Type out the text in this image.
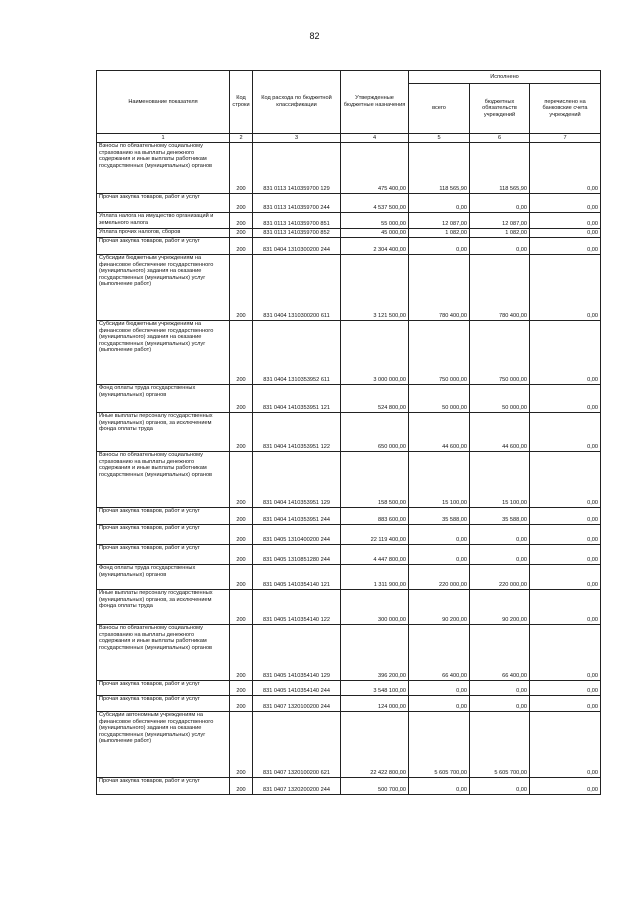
82
Наименование показателя	Код строки	Код расхода по бюджетной классификации	Утвержденные бюджетные назначения	Исполнено		
				всего	бюджетных обязательств учреждений	перечислено на банковские счета учреждений
1	2	3	4	5	6	7
Взносы по обязательному социальному страхованию на выплаты денежного содержания и иные выплаты работникам государственных (муниципальных) органов	200	831 0113 1410359700 129	475 400,00	118 565,90	118 565,90	0,00
Прочая закупка товаров, работ и услуг	200	831 0113 1410359700 244	4 537 500,00	0,00	0,00	0,00
Уплата налога на имущество организаций и земельного налога	200	831 0113 1410359700 851	55 000,00	12 087,00	12 087,00	0,00
Уплата прочих налогов, сборов	200	831 0113 1410359700 852	45 000,00	1 082,00	1 082,00	0,00
Прочая закупка товаров, работ и услуг	200	831 0404 1310300200 244	2 304 400,00	0,00	0,00	0,00
Субсидии бюджетным учреждениям на финансовое обеспечение государственного (муниципального) задания на оказание государственных (муниципальных) услуг (выполнение работ)	200	831 0404 1310300200 611	3 121 500,00	780 400,00	780 400,00	0,00
Субсидии бюджетным учреждениям на финансовое обеспечение государственного (муниципального) задания на оказание государственных (муниципальных) услуг (выполнение работ)	200	831 0404 1310353952 611	3 000 000,00	750 000,00	750 000,00	0,00
Фонд оплаты труда государственных (муниципальных) органов	200	831 0404 1410353951 121	524 800,00	50 000,00	50 000,00	0,00
Иные выплаты персоналу государственных (муниципальных) органов, за исключением фонда оплаты труда	200	831 0404 1410353951 122	650 000,00	44 600,00	44 600,00	0,00
Взносы по обязательному социальному страхованию на выплаты денежного содержания и иные выплаты работникам государственных (муниципальных) органов	200	831 0404 1410353951 129	158 500,00	15 100,00	15 100,00	0,00
Прочая закупка товаров, работ и услуг	200	831 0404 1410353951 244	883 600,00	35 588,00	35 588,00	0,00
Прочая закупка товаров, работ и услуг	200	831 0405 1310400200 244	22 119 400,00	0,00	0,00	0,00
Прочая закупка товаров, работ и услуг	200	831 0405 1310851280 244	4 447 800,00	0,00	0,00	0,00
Фонд оплаты труда государственных (муниципальных) органов	200	831 0405 1410354140 121	1 311 900,00	220 000,00	220 000,00	0,00
Иные выплаты персоналу государственных (муниципальных) органов, за исключением фонда оплаты труда	200	831 0405 1410354140 122	300 000,00	90 200,00	90 200,00	0,00
Взносы по обязательному социальному страхованию на выплаты денежного содержания и иные выплаты работникам государственных (муниципальных) органов	200	831 0405 1410354140 129	396 200,00	66 400,00	66 400,00	0,00
Прочая закупка товаров, работ и услуг	200	831 0405 1410354140 244	3 548 100,00	0,00	0,00	0,00
Прочая закупка товаров, работ и услуг	200	831 0407 1320100200 244	124 000,00	0,00	0,00	0,00
Субсидии автономным учреждениям на финансовое обеспечение государственного (муниципального) задания на оказание государственных (муниципальных) услуг (выполнение работ)	200	831 0407 1320100200 621	22 422 800,00	5 605 700,00	5 605 700,00	0,00
Прочая закупка товаров, работ и услуг	200	831 0407 1320200200 244	500 700,00	0,00	0,00	0,00
